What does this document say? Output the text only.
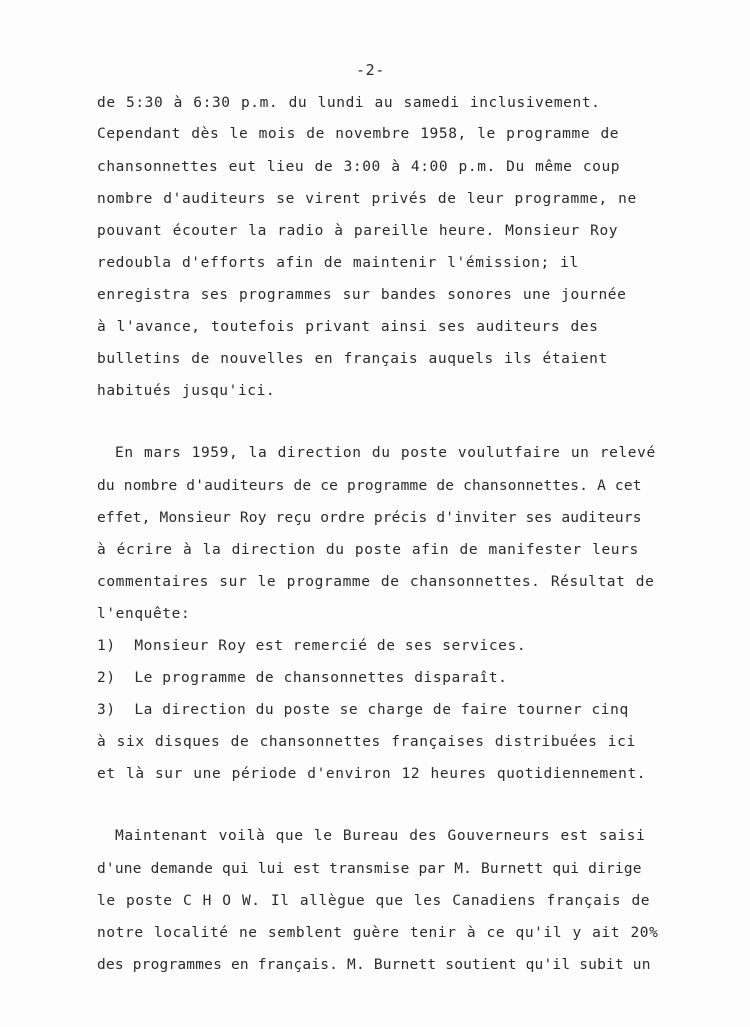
-2-
de 5:30 à 6:30 p.m. du lundi au samedi inclusivement.
Cependant dès le mois de novembre 1958, le programme de
chansonnettes eut lieu de 3:00 à 4:00 p.m. Du même coup
nombre d'auditeurs se virent privés de leur programme, ne
pouvant écouter la radio à pareille heure. Monsieur Roy
redoubla d'efforts afin de maintenir l'émission; il
enregistra ses programmes sur bandes sonores une journée
à l'avance, toutefois privant ainsi ses auditeurs des
bulletins de nouvelles en français auquels ils étaient
habitués jusqu'ici.
En mars 1959, la direction du poste voulutfaire un relevé
du nombre d'auditeurs de ce programme de chansonnettes. A cet
effet, Monsieur Roy reçu ordre précis d'inviter ses auditeurs
à écrire à la direction du poste afin de manifester leurs
commentaires sur le programme de chansonnettes. Résultat de
l'enquête:
1)  Monsieur Roy est remercié de ses services.
2)  Le programme de chansonnettes disparaît.
3)  La direction du poste se charge de faire tourner cinq
à six disques de chansonnettes françaises distribuées ici
et là sur une période d'environ 12 heures quotidiennement.
Maintenant voilà que le Bureau des Gouverneurs est saisi
d'une demande qui lui est transmise par M. Burnett qui dirige
le poste C H O W. Il allègue que les Canadiens français de
notre localité ne semblent guère tenir à ce qu'il y ait 20%
des programmes en français. M. Burnett soutient qu'il subit un
